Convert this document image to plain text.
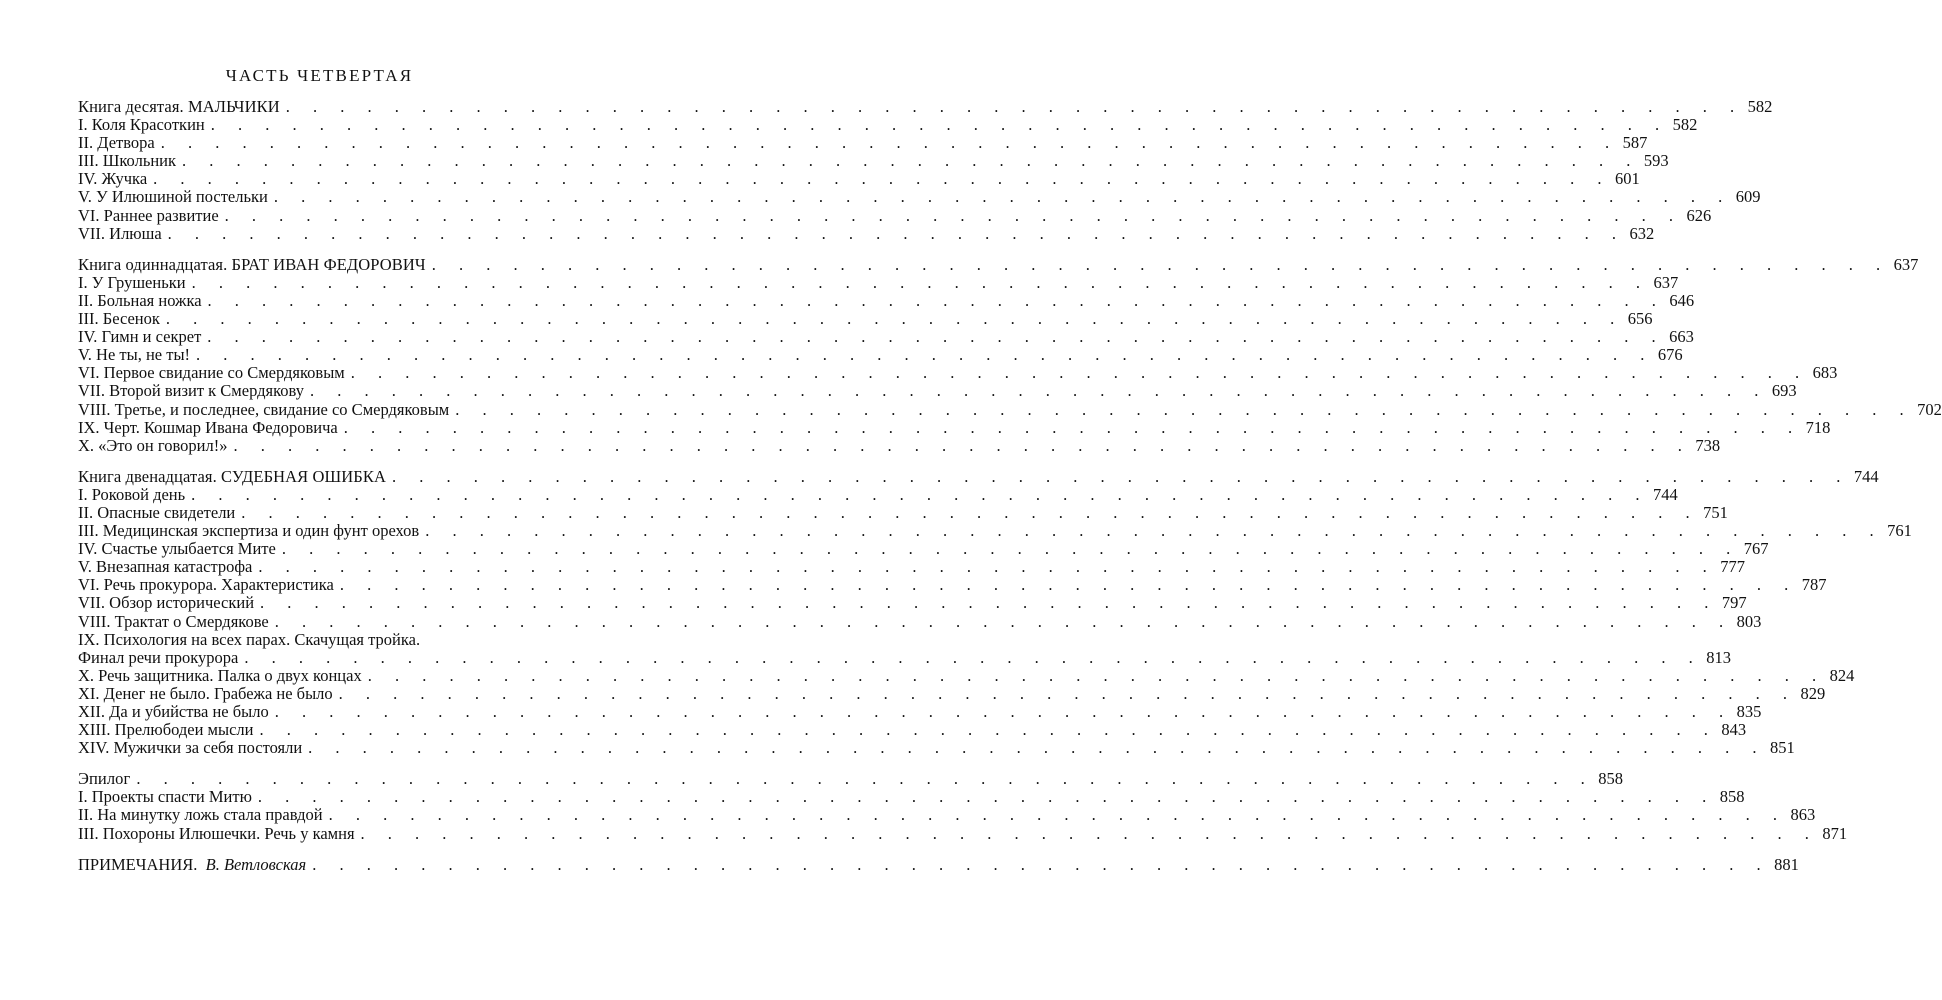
ЧАСТЬ ЧЕТВЕРТАЯ
Книга десятая. МАЛЬЧИКИ . . .	582
I. Коля Красоткин . . .	582
II. Детвора . . .	587
III. Школьник . . .	593
IV. Жучка . . .	601
V. У Илюшиной постельки . . .	609
VI. Раннее развитие . . .	626
VII. Илюша . . .	632
Книга одиннадцатая. БРАТ ИВАН ФЕДОРОВИЧ . . .	637
I. У Грушеньки . . .	637
II. Больная ножка . . .	646
III. Бесенок . . .	656
IV. Гимн и секрет . . .	663
V. Не ты, не ты! . . .	676
VI. Первое свидание со Смердяковым . . .	683
VII. Второй визит к Смердякову . . .	693
VIII. Третье, и последнее, свидание со Смердяковым . . .	702
IX. Черт. Кошмар Ивана Федоровича . . .	718
X. «Это он говорил!» . . .	738
Книга двенадцатая. СУДЕБНАЯ ОШИБКА . . .	744
I. Роковой день . . .	744
II. Опасные свидетели . . .	751
III. Медицинская экспертиза и один фунт орехов . . .	761
IV. Счастье улыбается Мите . . .	767
V. Внезапная катастрофа . . .	777
VI. Речь прокурора. Характеристика . . .	787
VII. Обзор исторический . . .	797
VIII. Трактат о Смердякове . . .	803
IX. Психология на всех парах. Скачущая тройка.
Финал речи прокурора . . .	813
X. Речь защитника. Палка о двух концах . . .	824
XI. Денег не было. Грабежа не было . . .	829
XII. Да и убийства не было . . .	835
XIII. Прелюбодеи мысли . . .	843
XIV. Мужички за себя постояли . . .	851
Эпилог . . .	858
I. Проекты спасти Митю . . .	858
II. На минутку ложь стала правдой . . .	863
III. Похороны Илюшечки. Речь у камня . . .	871
ПРИМЕЧАНИЯ. В. Ветловская . . .	881
